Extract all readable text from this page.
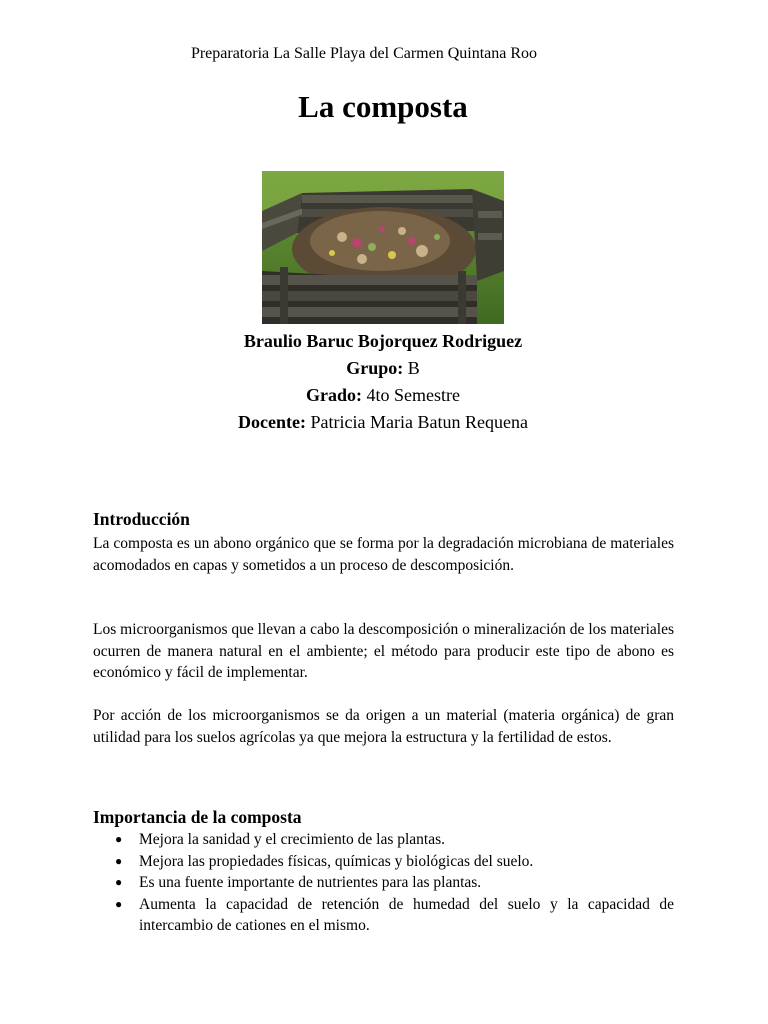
Preparatoria La Salle Playa del Carmen Quintana Roo
La composta
Braulio Baruc Bojorquez Rodriguez
Grupo: B
Grado: 4to Semestre
Docente: Patricia Maria Batun Requena
Introducción

La composta es un abono orgánico que se forma por la degradación microbiana de materiales acomodados en capas y sometidos a un proceso de descomposición.

Los microorganismos que llevan a cabo la descomposición o mineralización de los materiales ocurren de manera natural en el ambiente; el método para producir este tipo de abono es económico y fácil de implementar.

Por acción de los microorganismos se da origen a un material (materia orgánica) de gran utilidad para los suelos agrícolas ya que mejora la estructura y la fertilidad de estos.

Importancia de la composta
● Mejora la sanidad y el crecimiento de las plantas.
● Mejora las propiedades físicas, químicas y biológicas del suelo.
● Es una fuente importante de nutrientes para las plantas.
● Aumenta la capacidad de retención de humedad del suelo y la capacidad de intercambio de cationes en el mismo.
